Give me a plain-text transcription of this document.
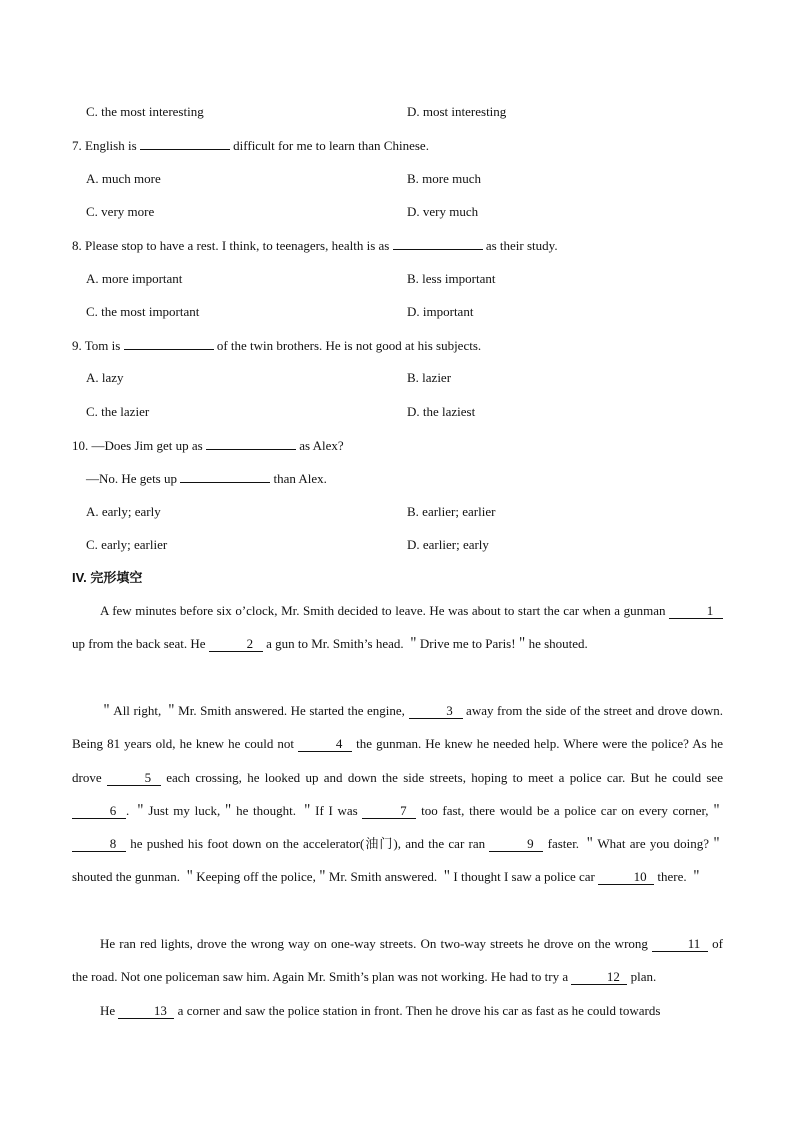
C. the most interesting	D. most interesting
7. English is	difficult for me to learn than Chinese.
A. much more	B. more much
C. very more	D. very much
8. Please stop to have a rest. I think, to teenagers, health is as	as their study.
A. more important	B. less important
C. the most important	D. important
9. Tom is	of the twin brothers. He is not good at his subjects.
A. lazy	B. lazier
C. the lazier	D. the laziest
10. —Does Jim get up as	as Alex?
—No. He gets up	than Alex.
A. early; early	B. earlier; earlier
C. early; earlier	D. earlier; early
IV. 完形填空
A few minutes before six o’clock, Mr. Smith decided to leave. He was about to start the car when a gunman	1 up from the back seat. He	2 a gun to Mr. Smith’s head. ＂Drive me to Paris!＂he shouted.
＂All right, ＂Mr. Smith answered. He started the engine,	3 away from the side of the street and drove down. Being 81 years old, he knew he could not	4 the gunman. He knew he needed help. Where were the police? As he drove	5 each crossing, he looked up and down the side streets, hoping to meet a police car. But he could see 6 . ＂Just my luck,＂he thought. ＂If I was	7 too fast, there would be a police car on every corner,＂ 8 he pushed his foot down on the accelerator(油门), and the car ran	9 faster. ＂What are you doing?＂shouted the gunman. ＂Keeping off the police,＂Mr. Smith answered. ＂I thought I saw a police car	10 there. ＂
He ran red lights, drove the wrong way on one-way streets. On two-way streets he drove on the wrong	11 of the road. Not one policeman saw him. Again Mr. Smith’s plan was not working. He had to try a	12 plan.
He	13 a corner and saw the police station in front. Then he drove his car as fast as he could towards
